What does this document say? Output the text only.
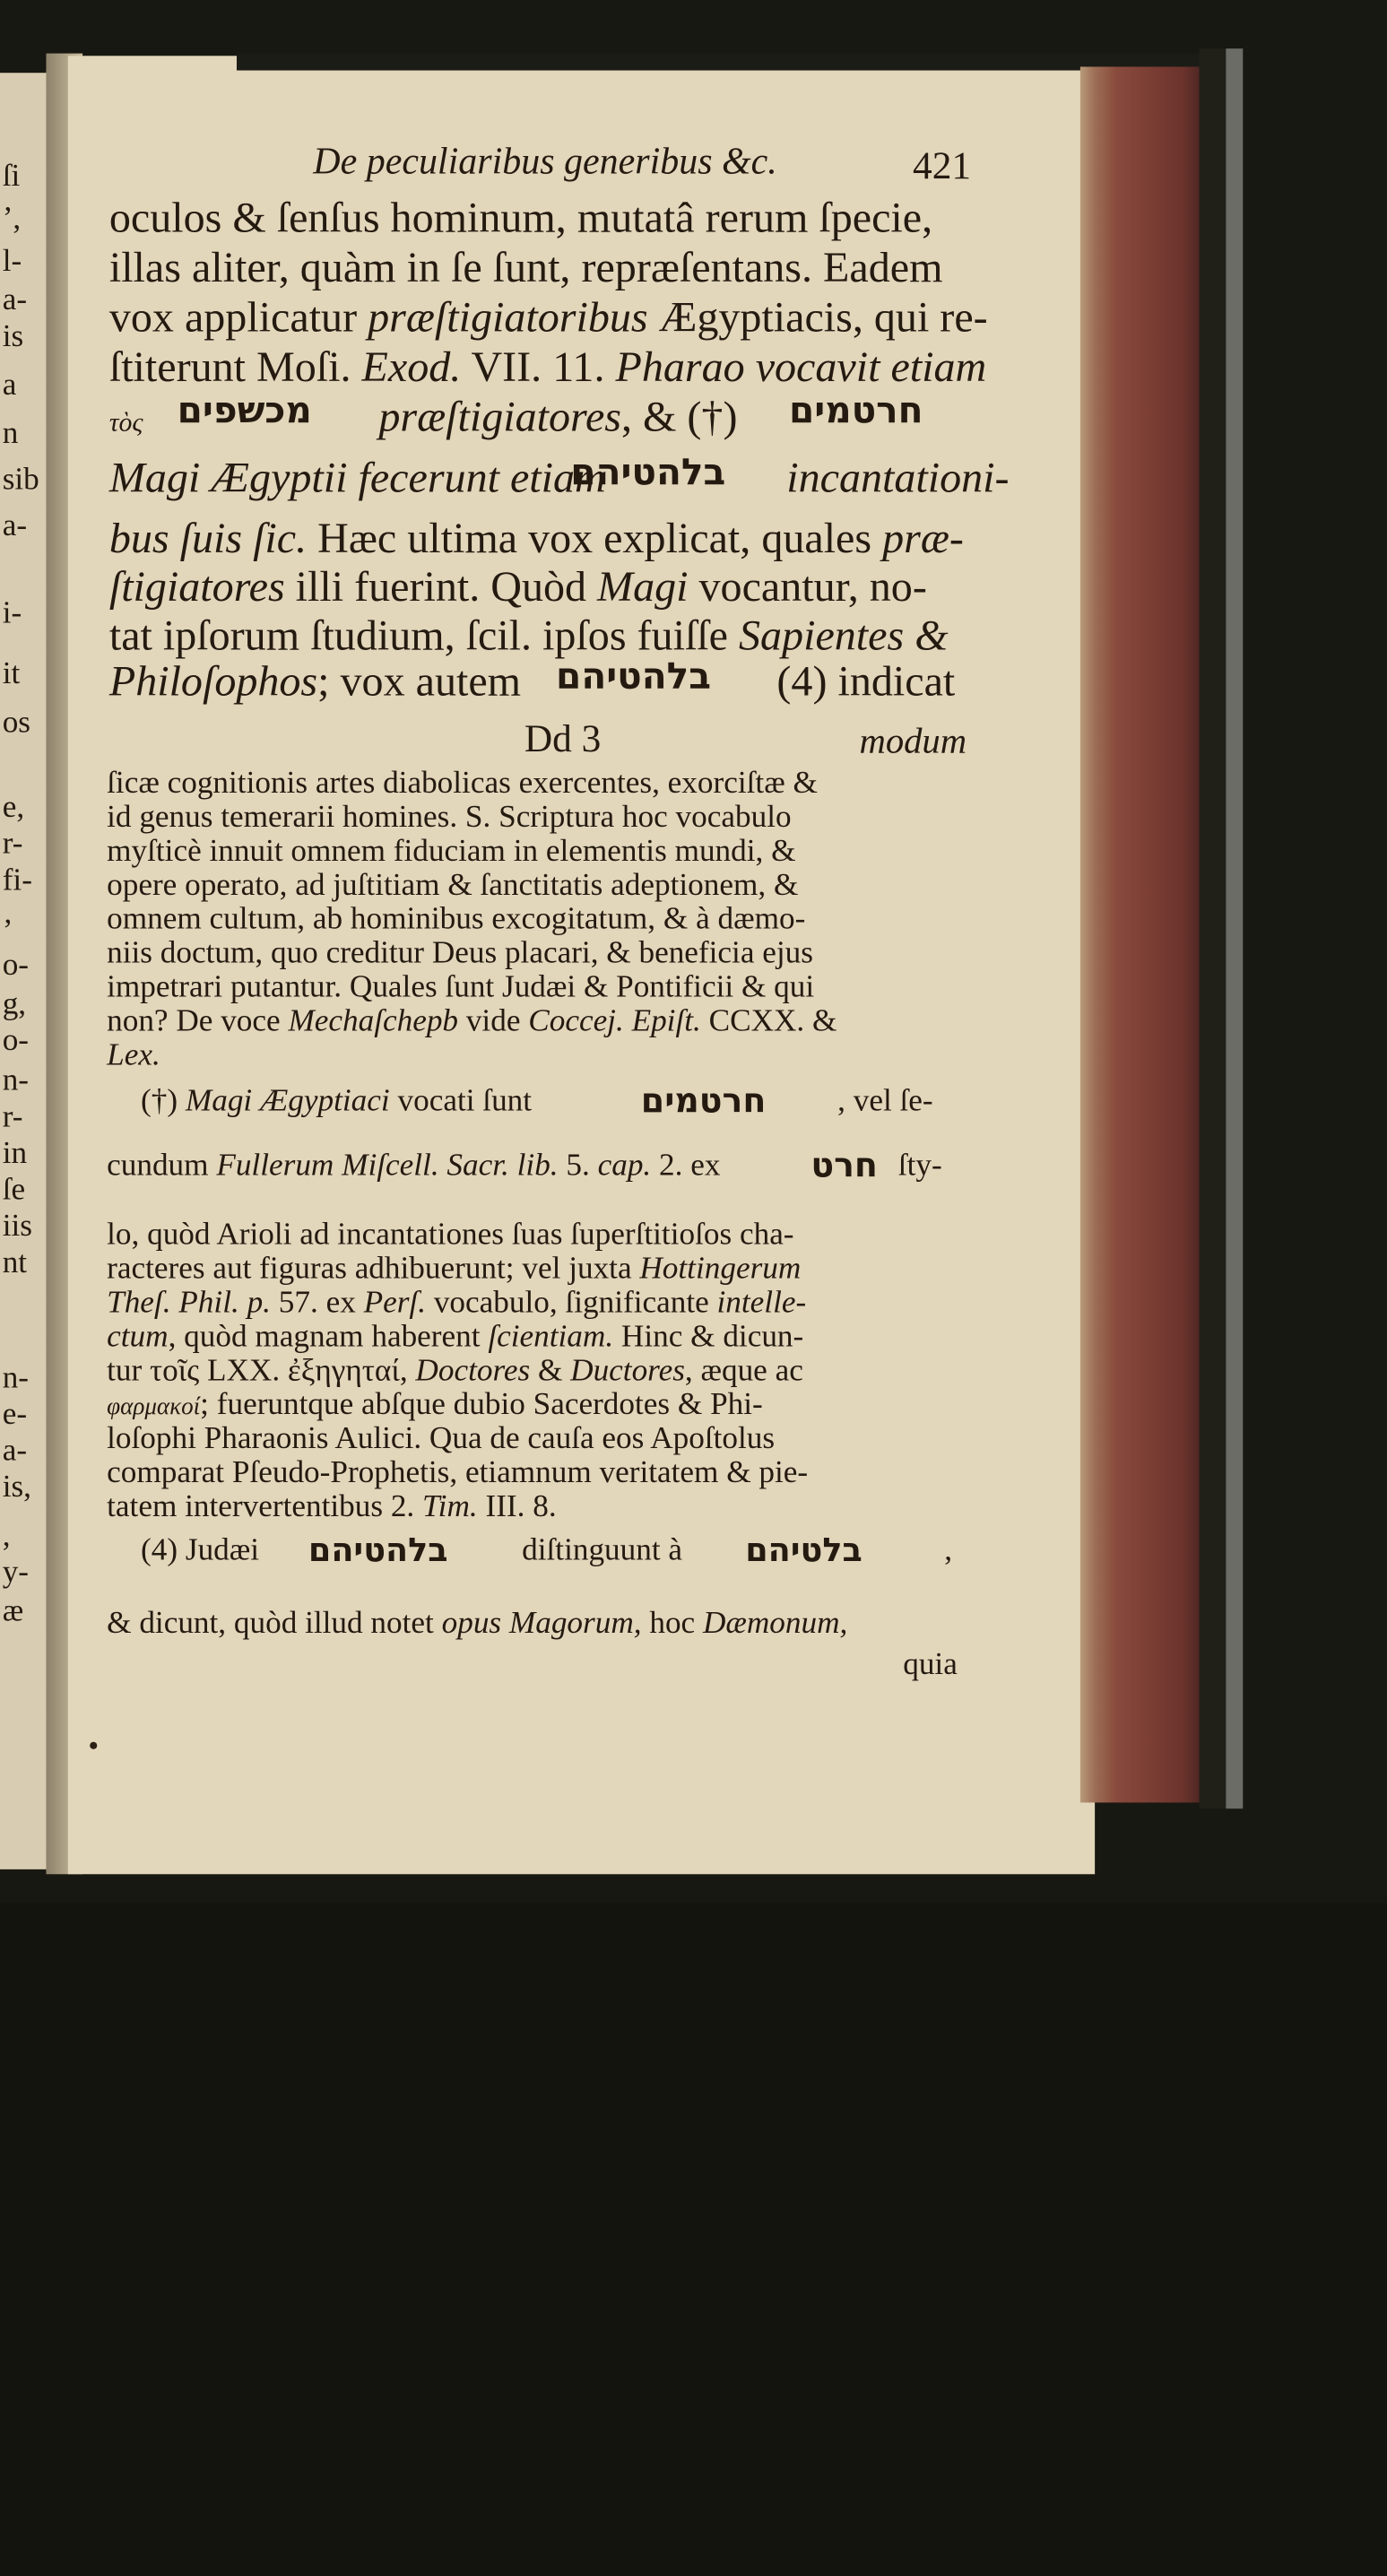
ſi
ʼ,
l-
a-
is
a
n
sib
a-
i-
it
os
e,
r-
fi-
ʼ
o-
g,
o-
n-
r-
in
ſe
iis
nt
n-
e-
a-
is,
,
y-
æ
De peculiaribus generibus &c.	421
oculos & ſenſus hominum, mutatâ rerum ſpecie,
illas aliter, quàm in ſe ſunt, repræſentans. Eadem
vox applicatur præſtigiatoribus Ægyptiacis, qui re-
ſtiterunt Moſi. Exod. VII. 11. Pharao vocavit etiam
τὸς מכשפים præſtigiatores, & (†) חרטמים
Magi Ægyptii fecerunt etiam
בלהטיהם incantationi-
bus ſuis ſic. Hæc ultima vox explicat, quales præ-
ſtigiatores illi fuerint. Quòd Magi vocantur, no-
tat ipſorum ſtudium, ſcil. ipſos fuiſſe Sapientes &
Philoſophos; vox autem בלהטיהם (4) indicat
Dd 3	modum
ſicæ cognitionis artes diabolicas exercentes, exorciſtæ &
id genus temerarii homines. S. Scriptura hoc vocabulo
myſticè innuit omnem fiduciam in elementis mundi, &
opere operato, ad juſtitiam & ſanctitatis adeptionem, &
omnem cultum, ab hominibus excogitatum, & à dæmo-
niis doctum, quo creditur Deus placari, & beneficia ejus
impetrari putantur. Quales ſunt Judæi & Pontificii & qui
non? De voce Mechaſchepb vide Coccej. Epiſt. CCXX. &
Lex.
(†) Magi Ægyptiaci vocati ſunt	חרטמים	, vel ſe-
cundum Fullerum Miſcell. Sacr. lib. 5. cap. 2. ex	חרט ſty-
lo, quòd Arioli ad incantationes ſuas ſuperſtitioſos cha-
racteres aut figuras adhibuerunt; vel juxta Hottingerum
Theſ. Phil. p. 57. ex Perſ. vocabulo, ſignificante intelle-
ctum, quòd magnam haberent ſcientiam. Hinc & dicun-
tur τοῖς LXX. ἐξηγηταί, Doctores & Ductores, æque ac
φαρμακοί; fueruntque abſque dubio Sacerdotes & Phi-
loſophi Pharaonis Aulici. Qua de cauſa eos Apoſtolus
comparat Pſeudo-Prophetis, etiamnum veritatem & pie-
tatem intervertentibus 2. Tim. III. 8.
(4) Judæi בלהטיהם	diſtinguunt à	בלטיהם	,
& dicunt, quòd illud notet opus Magorum, hoc Dæmonum,
quia
